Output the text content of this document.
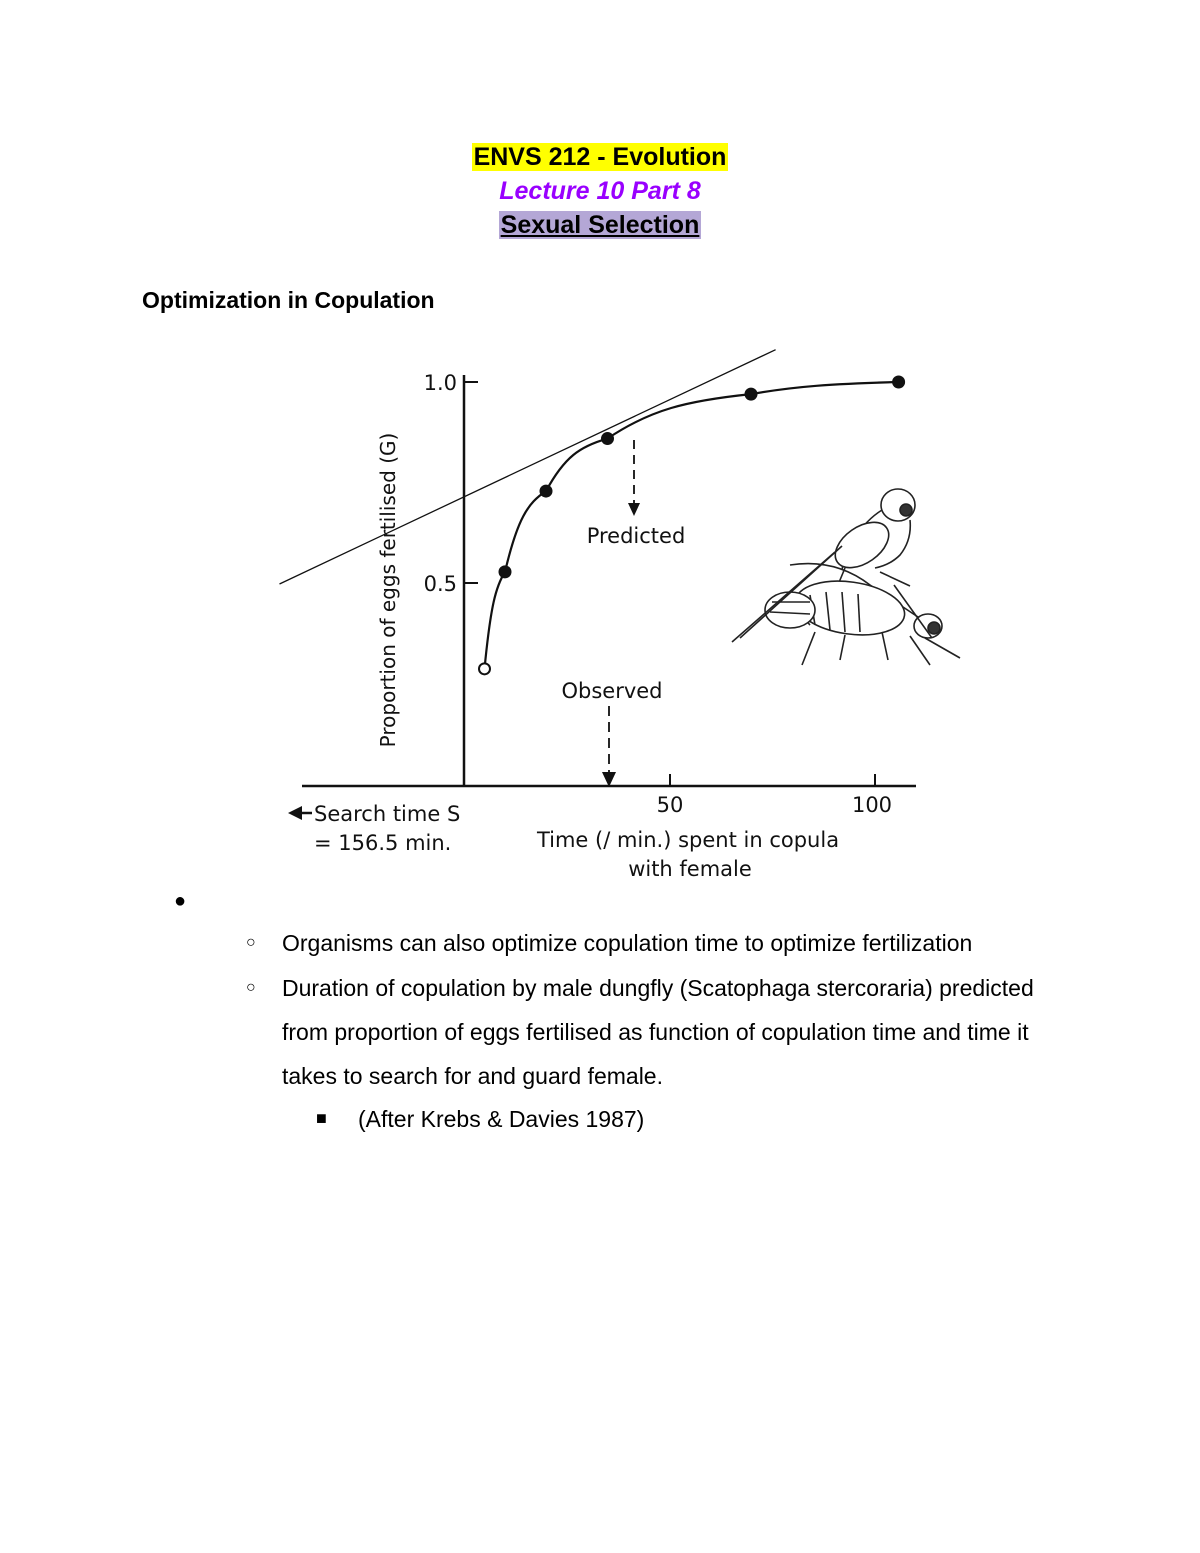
ENVS 212 - Evolution
Lecture 10 Part 8
Sexual Selection
Optimization in Copulation
1.0
0.5
50	100
Proportion of eggs fertilised (G)
Time (/ min.) spent in copula
with female
Search time S
= 156.5 min.
Predicted
Observed
●
○ Organisms can also optimize copulation time to optimize fertilization
○ Duration of copulation by male dungfly (Scatophaga stercoraria) predicted from proportion of eggs fertilised as function of copulation time and time it takes to search for and guard female.
■ (After Krebs & Davies 1987)
